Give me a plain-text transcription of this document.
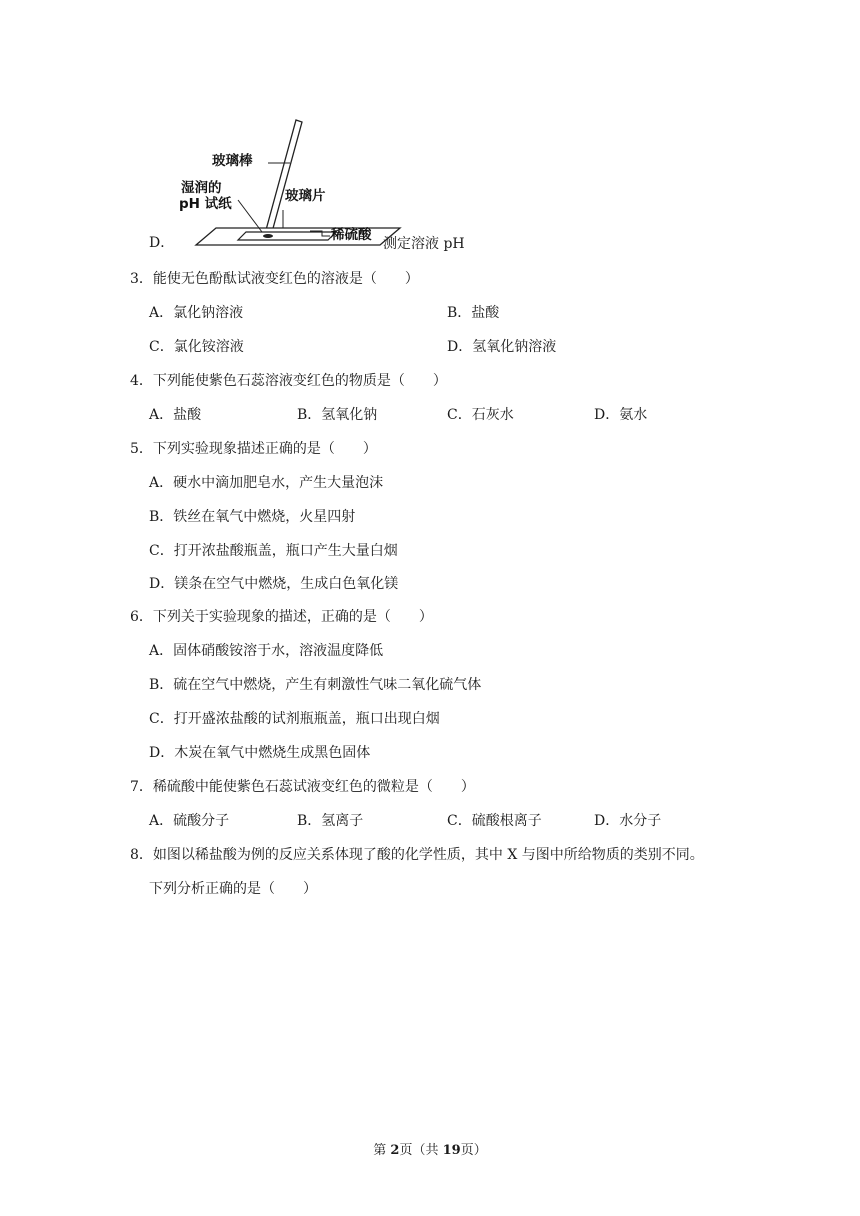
D．
玻璃棒
湿润的
pH 试纸	玻璃片
稀硫酸
测定溶液 pH
3．能使无色酚酞试液变红色的溶液是（　　）
A．氯化钠溶液	B．盐酸
C．氯化铵溶液	D．氢氧化钠溶液
4．下列能使紫色石蕊溶液变红色的物质是（　　）
A．盐酸	B．氢氧化钠	C．石灰水	D．氨水
5．下列实验现象描述正确的是（　　）
A．硬水中滴加肥皂水，产生大量泡沫
B．铁丝在氧气中燃烧，火星四射
C．打开浓盐酸瓶盖，瓶口产生大量白烟
D．镁条在空气中燃烧，生成白色氧化镁
6．下列关于实验现象的描述，正确的是（　　）
A．固体硝酸铵溶于水，溶液温度降低
B．硫在空气中燃烧，产生有刺激性气味二氧化硫气体
C．打开盛浓盐酸的试剂瓶瓶盖，瓶口出现白烟
D．木炭在氧气中燃烧生成黑色固体
7．稀硫酸中能使紫色石蕊试液变红色的微粒是（　　）
A．硫酸分子	B．氢离子	C．硫酸根离子	D．水分子
8．如图以稀盐酸为例的反应关系体现了酸的化学性质，其中 X 与图中所给物质的类别不同。
下列分析正确的是（　　）
第 2页（共 19页）
